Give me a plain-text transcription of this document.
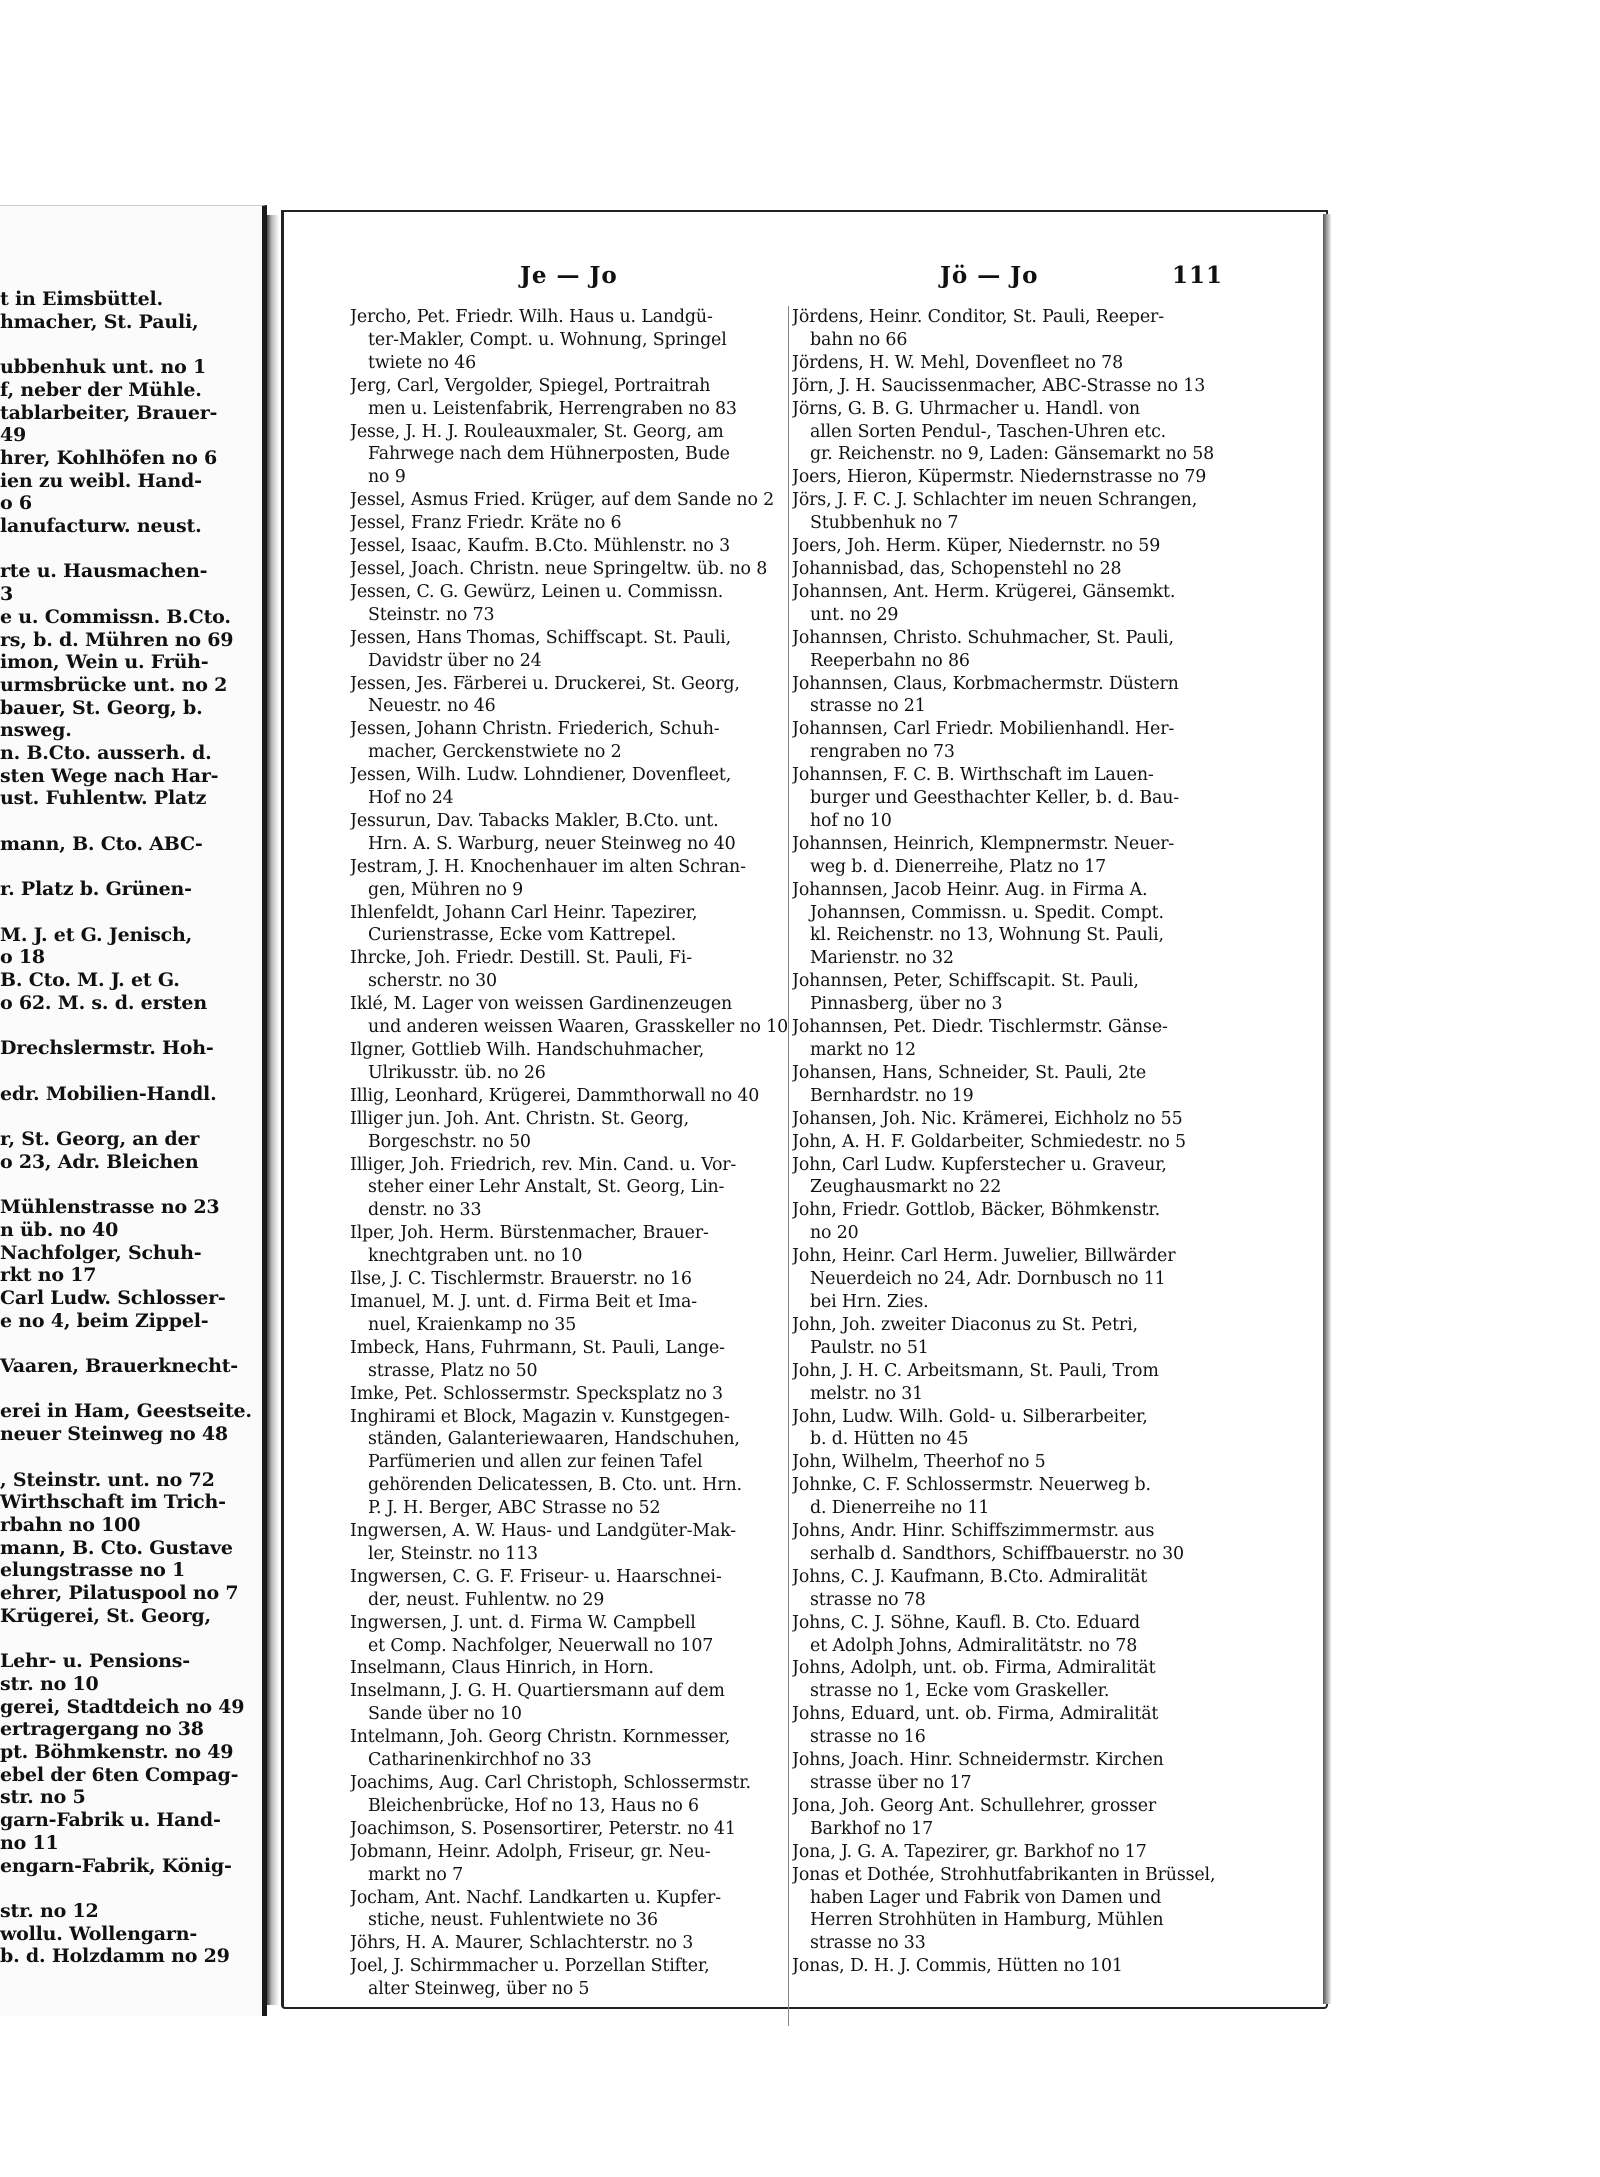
t in Eimsbüttel.
hmacher, St. Pauli,

ubbenhuk unt. no 1
f, neber der Mühle.
tablarbeiter, Brauer-
49
hrer, Kohlhöfen no 6
ien zu weibl. Hand-
o 6
lanufacturw. neust.

rte u. Hausmachen-
3
e u. Commissn. B.Cto.
rs, b. d. Mühren no 69
imon, Wein u. Früh-
urmsbrücke unt. no 2
bauer, St. Georg, b.
nsweg.
n. B.Cto. ausserh. d.
sten Wege nach Har-
ust. Fuhlentw. Platz

mann, B. Cto. ABC-

r. Platz b. Grünen-

M. J. et G. Jenisch,
o 18
B. Cto. M. J. et G.
o 62. M. s. d. ersten

Drechslermstr. Hoh-

edr. Mobilien-Handl.

r, St. Georg, an der
o 23, Adr. Bleichen

Mühlenstrasse no 23
n üb. no 40
Nachfolger, Schuh-
rkt no 17
Carl Ludw. Schlosser-
e no 4, beim Zippel-

Vaaren, Brauerknecht-

erei in Ham, Geestseite.
neuer Steinweg no 48

, Steinstr. unt. no 72
Wirthschaft im Trich-
rbahn no 100
mann, B. Cto. Gustave
elungstrasse no 1
ehrer, Pilatuspool no 7
Krügerei, St. Georg,

Lehr- u. Pensions-
str. no 10
gerei, Stadtdeich no 49
ertragergang no 38
pt. Böhmkenstr. no 49
ebel der 6ten Compag-
str. no 5
garn-Fabrik u. Hand-
no 11
engarn-Fabrik, König-

str. no 12
wollu. Wollengarn-
b. d. Holzdamm no 29
Je — Jo	Jö — Jo	111
Jercho, Pet. Friedr. Wilh. Haus u. Landgü-
ter-Makler, Compt. u. Wohnung, Springel
twiete no 46
Jerg, Carl, Vergolder, Spiegel, Portraitrah
men u. Leistenfabrik, Herrengraben no 83
Jesse, J. H. J. Rouleauxmaler, St. Georg, am
Fahrwege nach dem Hühnerposten, Bude
no 9
Jessel, Asmus Fried. Krüger, auf dem Sande no 2
Jessel, Franz Friedr. Kräte no 6
Jessel, Isaac, Kaufm. B.Cto. Mühlenstr. no 3
Jessel, Joach. Christn. neue Springeltw. üb. no 8
Jessen, C. G. Gewürz, Leinen u. Commissn.
Steinstr. no 73
Jessen, Hans Thomas, Schiffscapt. St. Pauli,
Davidstr über no 24
Jessen, Jes. Färberei u. Druckerei, St. Georg,
Neuestr. no 46
Jessen, Johann Christn. Friederich, Schuh-
macher, Gerckenstwiete no 2
Jessen, Wilh. Ludw. Lohndiener, Dovenfleet,
Hof no 24
Jessurun, Dav. Tabacks Makler, B.Cto. unt.
Hrn. A. S. Warburg, neuer Steinweg no 40
Jestram, J. H. Knochenhauer im alten Schran-
gen, Mühren no 9
Ihlenfeldt, Johann Carl Heinr. Tapezirer,
Curienstrasse, Ecke vom Kattrepel.
Ihrcke, Joh. Friedr. Destill. St. Pauli, Fi-
scherstr. no 30
Iklé, M. Lager von weissen Gardinenzeugen
und anderen weissen Waaren, Grasskeller no 10
Ilgner, Gottlieb Wilh. Handschuhmacher,
Ulrikusstr. üb. no 26
Illig, Leonhard, Krügerei, Dammthorwall no 40
Illiger jun. Joh. Ant. Christn. St. Georg,
Borgeschstr. no 50
Illiger, Joh. Friedrich, rev. Min. Cand. u. Vor-
steher einer Lehr Anstalt, St. Georg, Lin-
denstr. no 33
Ilper, Joh. Herm. Bürstenmacher, Brauer-
knechtgraben unt. no 10
Ilse, J. C. Tischlermstr. Brauerstr. no 16
Imanuel, M. J. unt. d. Firma Beit et Ima-
nuel, Kraienkamp no 35
Imbeck, Hans, Fuhrmann, St. Pauli, Lange-
strasse, Platz no 50
Imke, Pet. Schlossermstr. Specksplatz no 3
Inghirami et Block, Magazin v. Kunstgegen-
ständen, Galanteriewaaren, Handschuhen,
Parfümerien und allen zur feinen Tafel
gehörenden Delicatessen, B. Cto. unt. Hrn.
P. J. H. Berger, ABC Strasse no 52
Ingwersen, A. W. Haus- und Landgüter-Mak-
ler, Steinstr. no 113
Ingwersen, C. G. F. Friseur- u. Haarschnei-
der, neust. Fuhlentw. no 29
Ingwersen, J. unt. d. Firma W. Campbell
et Comp. Nachfolger, Neuerwall no 107
Inselmann, Claus Hinrich, in Horn.
Inselmann, J. G. H. Quartiersmann auf dem
Sande über no 10
Intelmann, Joh. Georg Christn. Kornmesser,
Catharinenkirchhof no 33
Joachims, Aug. Carl Christoph, Schlossermstr.
Bleichenbrücke, Hof no 13, Haus no 6
Joachimson, S. Posensortirer, Peterstr. no 41
Jobmann, Heinr. Adolph, Friseur, gr. Neu-
markt no 7
Jocham, Ant. Nachf. Landkarten u. Kupfer-
stiche, neust. Fuhlentwiete no 36
Jöhrs, H. A. Maurer, Schlachterstr. no 3
Joel, J. Schirmmacher u. Porzellan Stifter,
alter Steinweg, über no 5
Jördens, Heinr. Conditor, St. Pauli, Reeper-
bahn no 66
Jördens, H. W. Mehl, Dovenfleet no 78
Jörn, J. H. Saucissenmacher, ABC-Strasse no 13
Jörns, G. B. G. Uhrmacher u. Handl. von
allen Sorten Pendul-, Taschen-Uhren etc.
gr. Reichenstr. no 9, Laden: Gänsemarkt no 58
Joers, Hieron, Küpermstr. Niedernstrasse no 79
Jörs, J. F. C. J. Schlachter im neuen Schrangen,
Stubbenhuk no 7
Joers, Joh. Herm. Küper, Niedernstr. no 59
Johannisbad, das, Schopenstehl no 28
Johannsen, Ant. Herm. Krügerei, Gänsemkt.
unt. no 29
Johannsen, Christo. Schuhmacher, St. Pauli,
Reeperbahn no 86
Johannsen, Claus, Korbmachermstr. Düstern
strasse no 21
Johannsen, Carl Friedr. Mobilienhandl. Her-
rengraben no 73
Johannsen, F. C. B. Wirthschaft im Lauen-
burger und Geesthachter Keller, b. d. Bau-
hof no 10
Johannsen, Heinrich, Klempnermstr. Neuer-
weg b. d. Dienerreihe, Platz no 17
Johannsen, Jacob Heinr. Aug. in Firma A.
Johannsen, Commissn. u. Spedit. Compt.
kl. Reichenstr. no 13, Wohnung St. Pauli,
Marienstr. no 32
Johannsen, Peter, Schiffscapit. St. Pauli,
Pinnasberg, über no 3
Johannsen, Pet. Diedr. Tischlermstr. Gänse-
markt no 12
Johansen, Hans, Schneider, St. Pauli, 2te
Bernhardstr. no 19
Johansen, Joh. Nic. Krämerei, Eichholz no 55
John, A. H. F. Goldarbeiter, Schmiedestr. no 5
John, Carl Ludw. Kupferstecher u. Graveur,
Zeughausmarkt no 22
John, Friedr. Gottlob, Bäcker, Böhmkenstr.
no 20
John, Heinr. Carl Herm. Juwelier, Billwärder
Neuerdeich no 24, Adr. Dornbusch no 11
bei Hrn. Zies.
John, Joh. zweiter Diaconus zu St. Petri,
Paulstr. no 51
John, J. H. C. Arbeitsmann, St. Pauli, Trom
melstr. no 31
John, Ludw. Wilh. Gold- u. Silberarbeiter,
b. d. Hütten no 45
John, Wilhelm, Theerhof no 5
Johnke, C. F. Schlossermstr. Neuerweg b.
d. Dienerreihe no 11
Johns, Andr. Hinr. Schiffszimmermstr. aus
serhalb d. Sandthors, Schiffbauerstr. no 30
Johns, C. J. Kaufmann, B.Cto. Admiralität
strasse no 78
Johns, C. J. Söhne, Kaufl. B. Cto. Eduard
et Adolph Johns, Admiralitätstr. no 78
Johns, Adolph, unt. ob. Firma, Admiralität
strasse no 1, Ecke vom Graskeller.
Johns, Eduard, unt. ob. Firma, Admiralität
strasse no 16
Johns, Joach. Hinr. Schneidermstr. Kirchen
strasse über no 17
Jona, Joh. Georg Ant. Schullehrer, grosser
Barkhof no 17
Jona, J. G. A. Tapezirer, gr. Barkhof no 17
Jonas et Dothée, Strohhutfabrikanten in Brüssel,
haben Lager und Fabrik von Damen und
Herren Strohhüten in Hamburg, Mühlen
strasse no 33
Jonas, D. H. J. Commis, Hütten no 101
